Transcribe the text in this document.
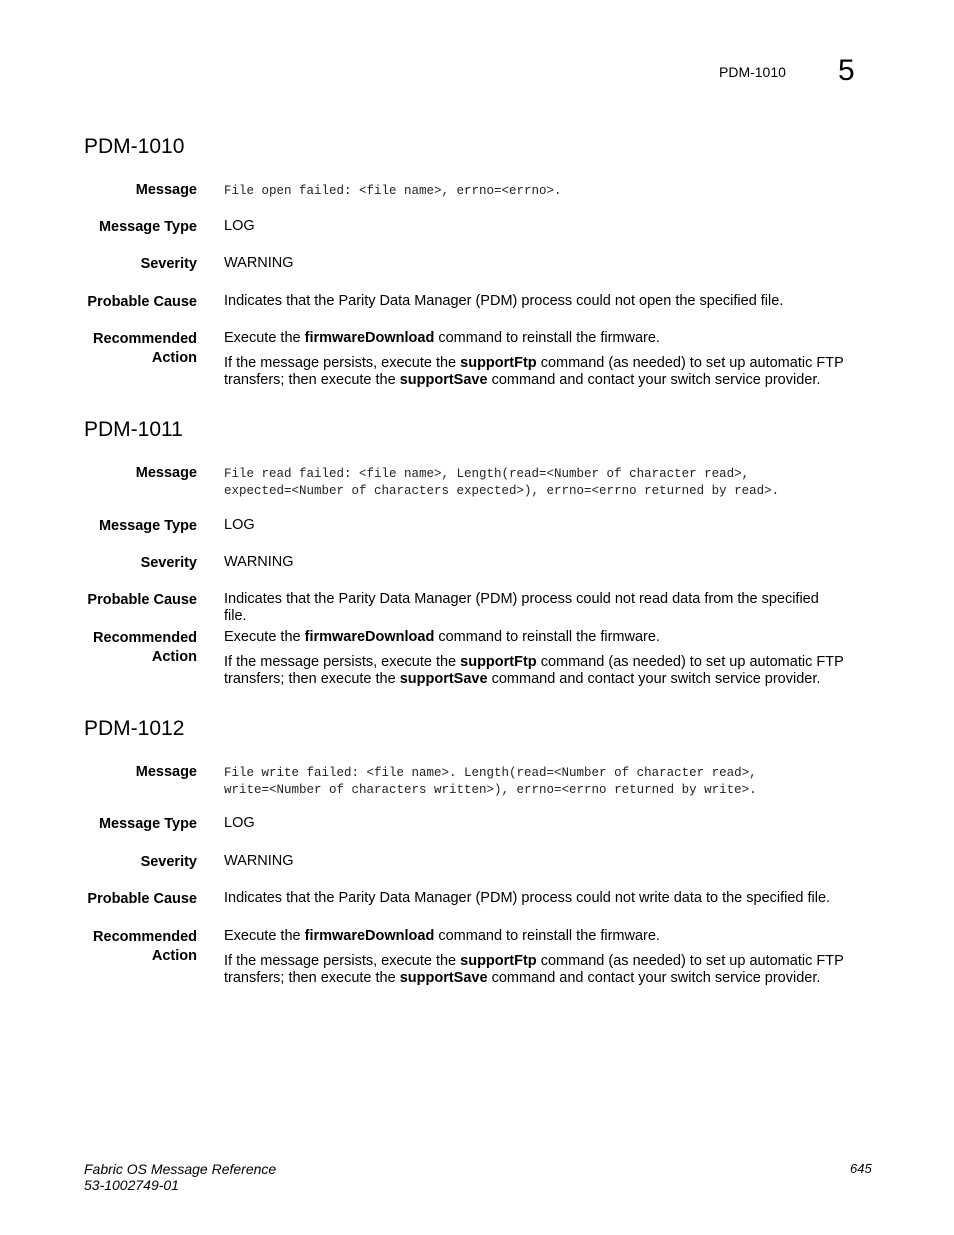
PDM-1010 5
PDM-1010
Message File open failed: <file name>, errno=<errno>.
Message Type LOG
Severity WARNING
Probable Cause Indicates that the Parity Data Manager (PDM) process could not open the specified file.
Recommended
Action
Execute the firmwareDownload command to reinstall the firmware.
If the message persists, execute the supportFtp command (as needed) to set up automatic FTP transfers; then execute the supportSave command and contact your switch service provider.
PDM-1011
Message File read failed: <file name>, Length(read=<Number of character read>,
expected=<Number of characters expected>), errno=<errno returned by read>.
Message Type LOG
Severity WARNING
Probable Cause Indicates that the Parity Data Manager (PDM) process could not read data from the specified file.
Recommended
Action
Execute the firmwareDownload command to reinstall the firmware.
If the message persists, execute the supportFtp command (as needed) to set up automatic FTP transfers; then execute the supportSave command and contact your switch service provider.
PDM-1012
Message File write failed: <file name>. Length(read=<Number of character read>,
write=<Number of characters written>), errno=<errno returned by write>.
Message Type LOG
Severity WARNING
Probable Cause Indicates that the Parity Data Manager (PDM) process could not write data to the specified file.
Recommended
Action
Execute the firmwareDownload command to reinstall the firmware.
If the message persists, execute the supportFtp command (as needed) to set up automatic FTP transfers; then execute the supportSave command and contact your switch service provider.
Fabric OS Message Reference
53-1002749-01
645
